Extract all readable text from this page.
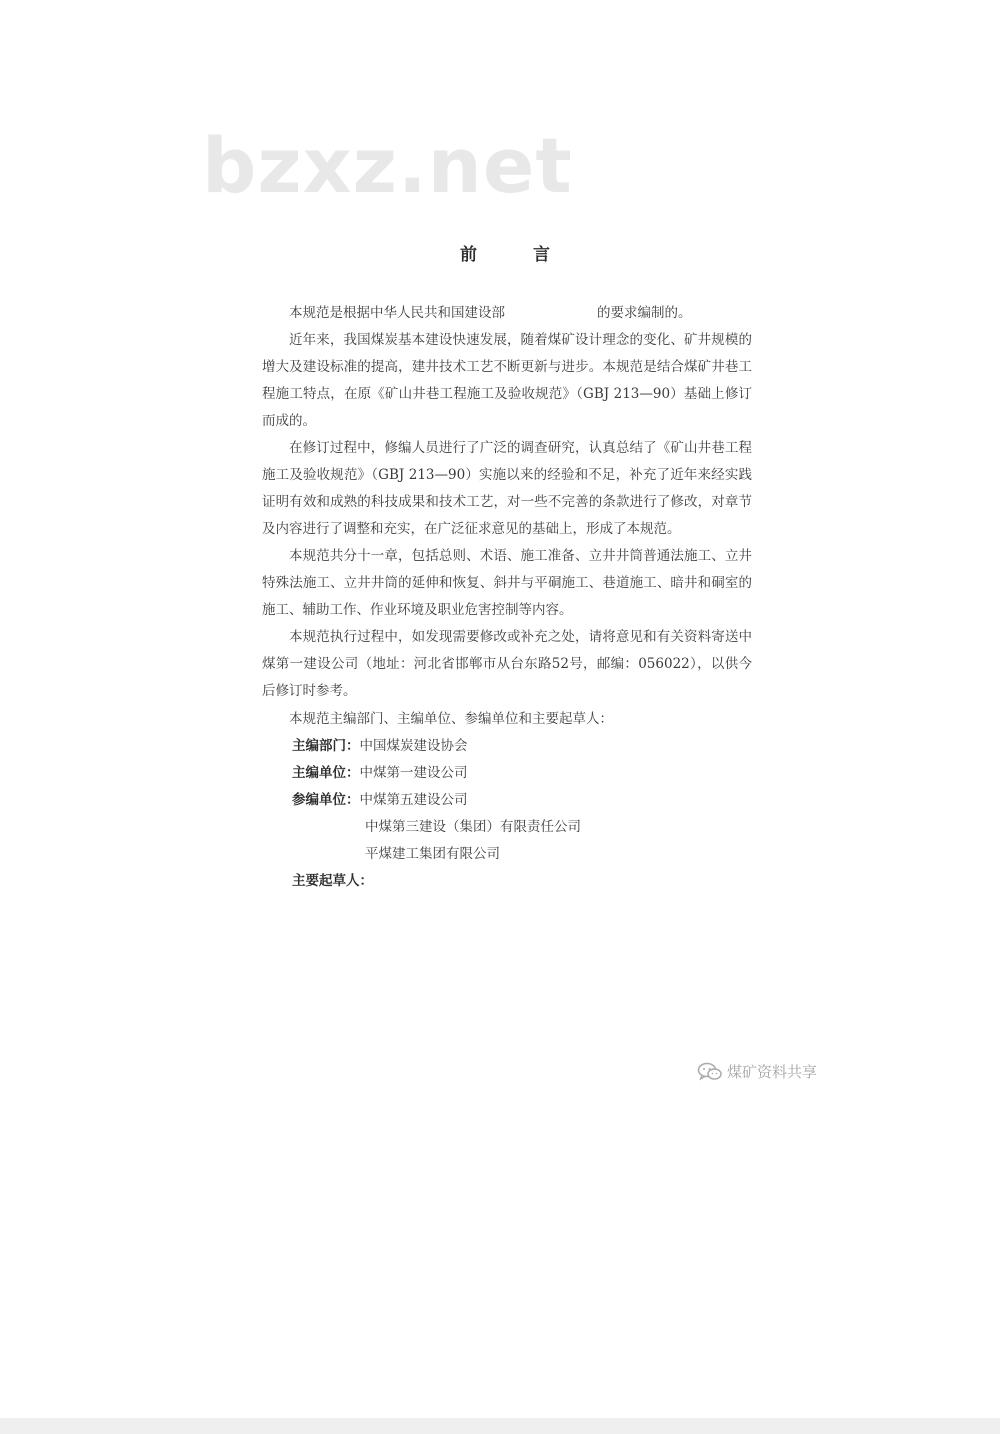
bzxz.net
前	言

本规范是根据中华人民共和国建设部	的要求编制的。

近年来，我国煤炭基本建设快速发展，随着煤矿设计理念的变化、矿井规模的增大及建设标准的提高，建井技术工艺不断更新与进步。本规范是结合煤矿井巷工程施工特点，在原《矿山井巷工程施工及验收规范》（GBJ 213—90）基础上修订而成的。

在修订过程中，修编人员进行了广泛的调查研究，认真总结了《矿山井巷工程施工及验收规范》（GBJ 213—90）实施以来的经验和不足，补充了近年来经实践证明有效和成熟的科技成果和技术工艺，对一些不完善的条款进行了修改，对章节及内容进行了调整和充实，在广泛征求意见的基础上，形成了本规范。

本规范共分十一章，包括总则、术语、施工准备、立井井筒普通法施工、立井特殊法施工、立井井筒的延伸和恢复、斜井与平硐施工、巷道施工、暗井和硐室的施工、辅助工作、作业环境及职业危害控制等内容。

本规范执行过程中，如发现需要修改或补充之处，请将意见和有关资料寄送中煤第一建设公司（地址：河北省邯郸市从台东路52号，邮编：056022），以供今后修订时参考。

本规范主编部门、主编单位、参编单位和主要起草人：

主编部门：中国煤炭建设协会
主编单位：中煤第一建设公司
参编单位：中煤第五建设公司
中煤第三建设（集团）有限责任公司
平煤建工集团有限公司
主要起草人：
煤矿资料共享
